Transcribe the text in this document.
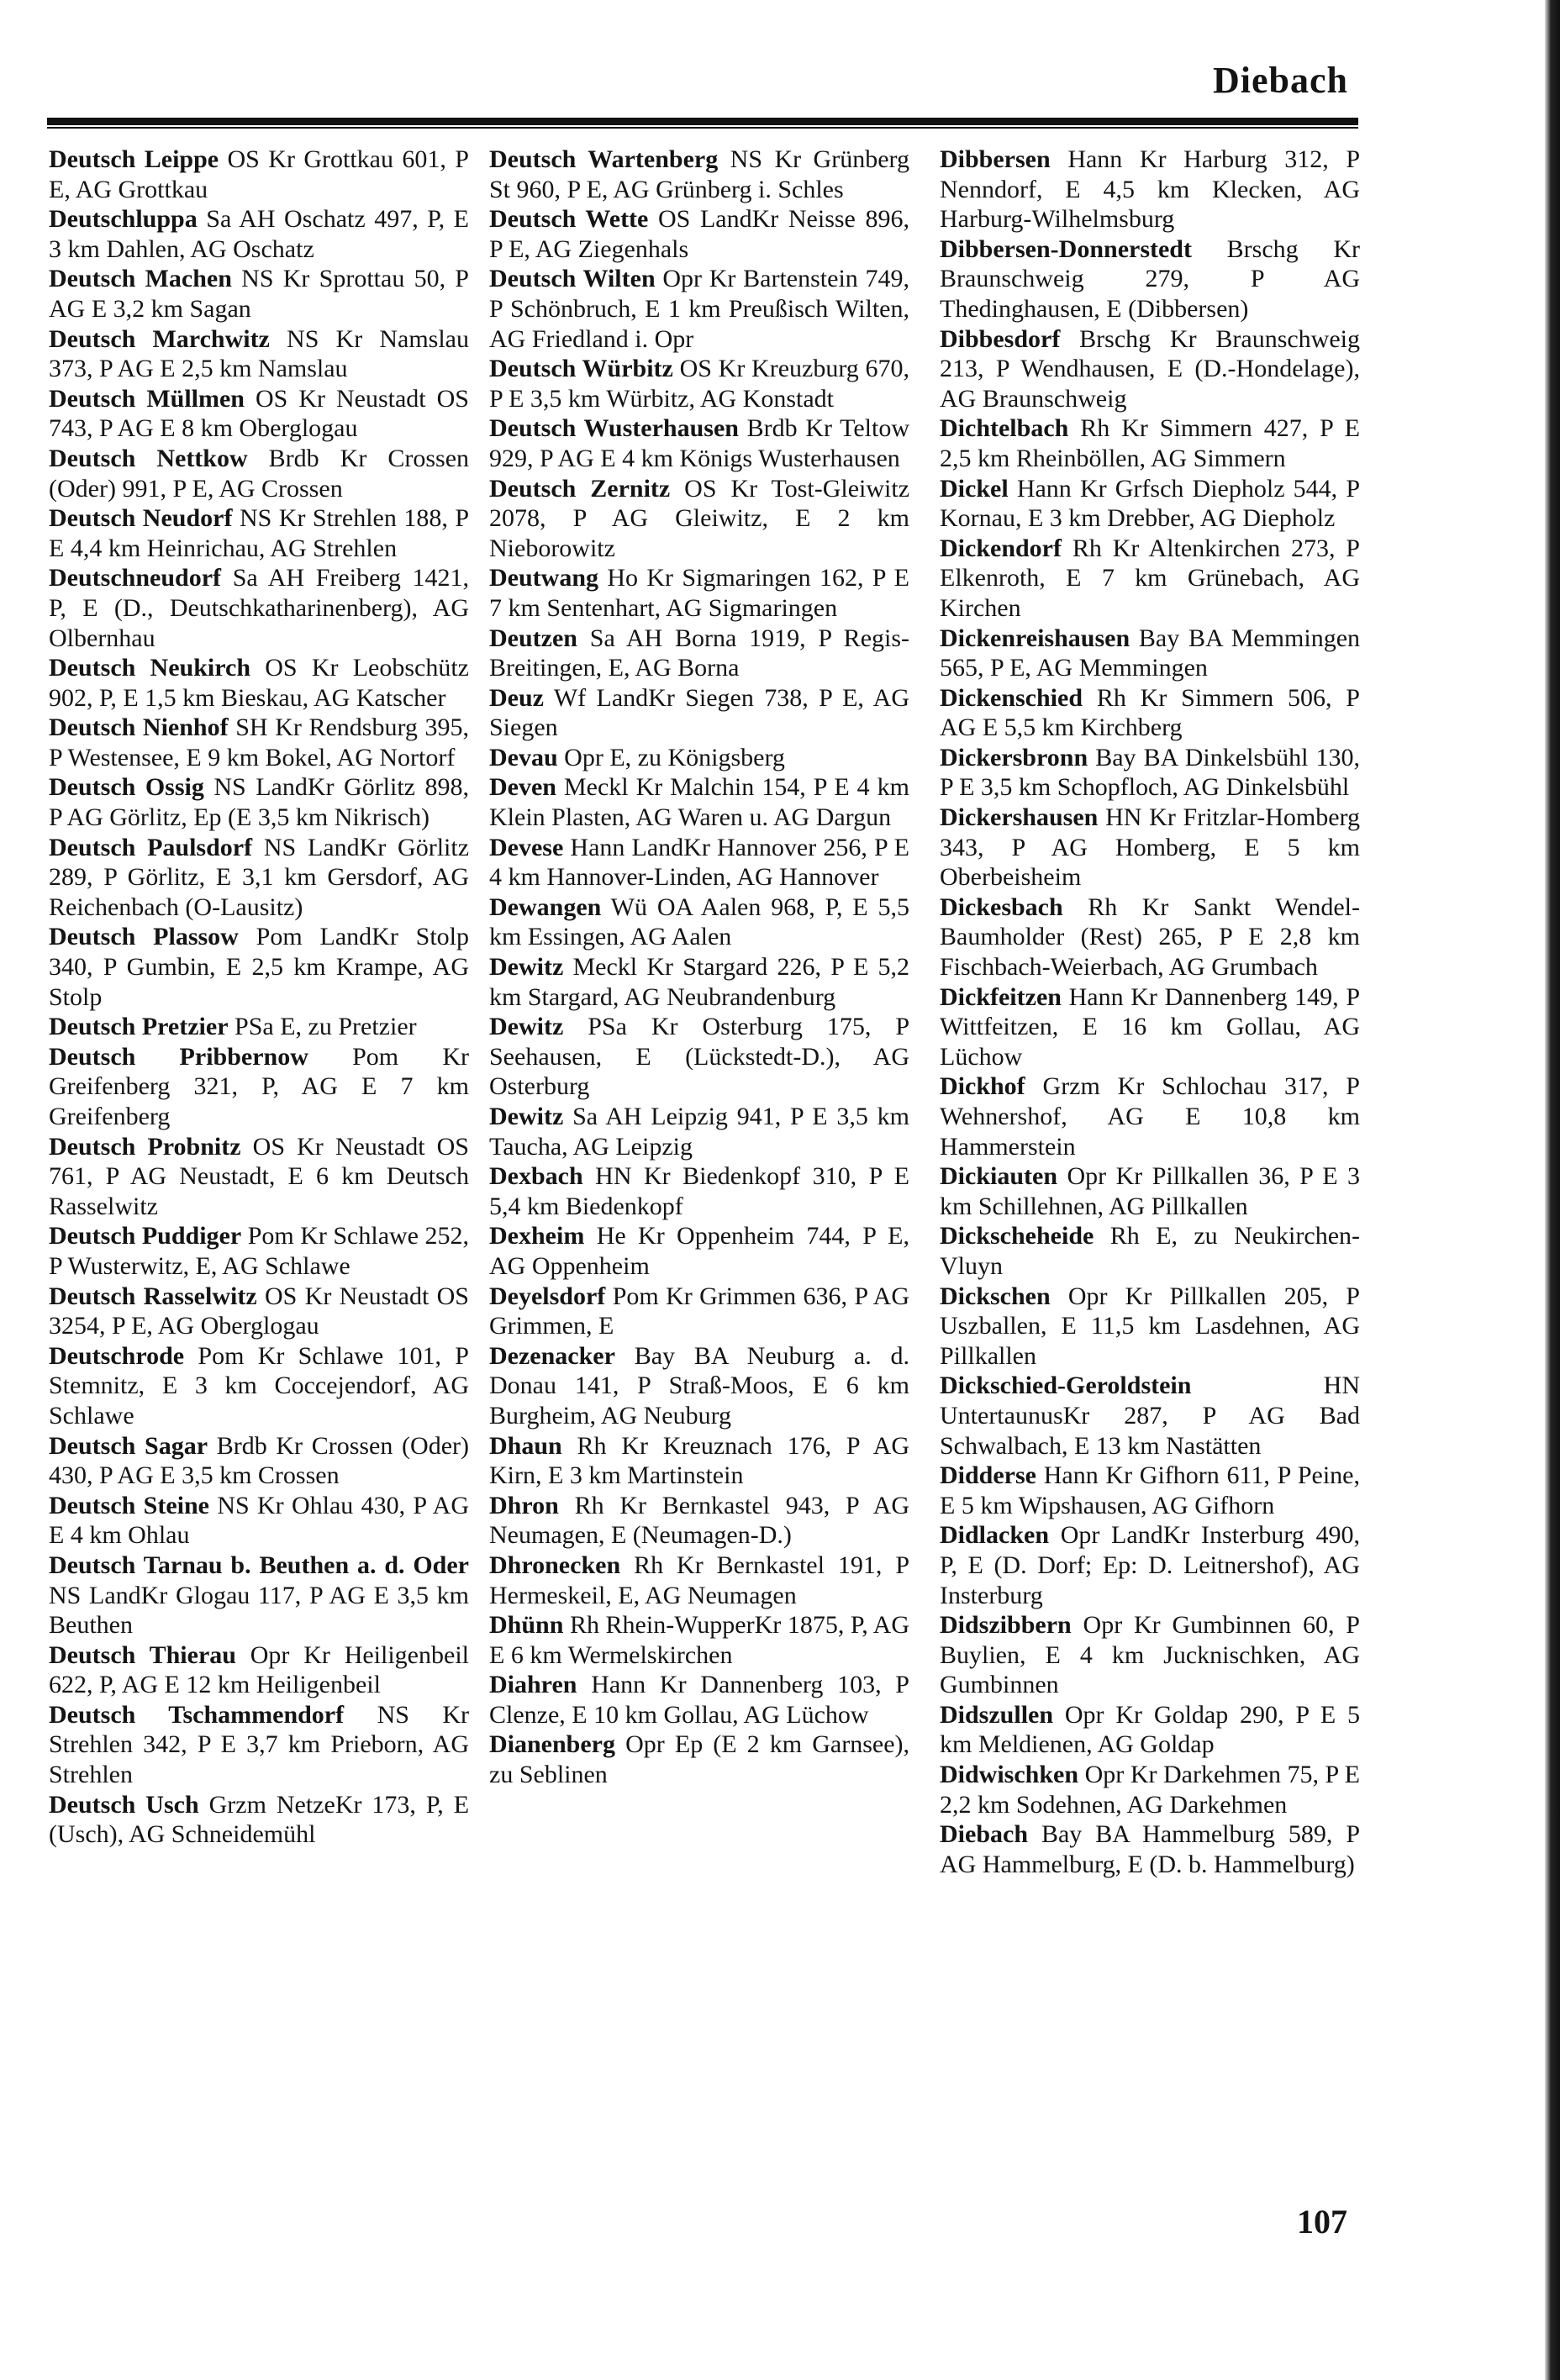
Diebach

Deutsch Leippe OS Kr Grottkau 601, P E, AG Grottkau

Deutschluppa Sa AH Oschatz 497, P, E 3 km Dahlen, AG Oschatz

Deutsch Machen NS Kr Sprottau 50, P AG E 3,2 km Sagan

Deutsch Marchwitz NS Kr Namslau 373, P AG E 2,5 km Namslau

Deutsch Müllmen OS Kr Neustadt OS 743, P AG E 8 km Oberglogau

Deutsch Nettkow Brdb Kr Crossen (Oder) 991, P E, AG Crossen

Deutsch Neudorf NS Kr Strehlen 188, P E 4,4 km Heinrichau, AG Strehlen

Deutschneudorf Sa AH Freiberg 1421, P, E (D., Deutschkatharinenberg), AG Olbernhau

Deutsch Neukirch OS Kr Leobschütz 902, P, E 1,5 km Bieskau, AG Katscher

Deutsch Nienhof SH Kr Rendsburg 395, P Westensee, E 9 km Bokel, AG Nortorf

Deutsch Ossig NS LandKr Görlitz 898, P AG Görlitz, Ep (E 3,5 km Nikrisch)

Deutsch Paulsdorf NS LandKr Görlitz 289, P Görlitz, E 3,1 km Gersdorf, AG Reichenbach (O-Lausitz)

Deutsch Plassow Pom LandKr Stolp 340, P Gumbin, E 2,5 km Krampe, AG Stolp

Deutsch Pretzier PSa E, zu Pretzier

Deutsch Pribbernow Pom Kr Greifenberg 321, P, AG E 7 km Greifenberg

Deutsch Probnitz OS Kr Neustadt OS 761, P AG Neustadt, E 6 km Deutsch Rasselwitz

Deutsch Puddiger Pom Kr Schlawe 252, P Wusterwitz, E, AG Schlawe

Deutsch Rasselwitz OS Kr Neustadt OS 3254, P E, AG Oberglogau

Deutschrode Pom Kr Schlawe 101, P Stemnitz, E 3 km Coccejendorf, AG Schlawe

Deutsch Sagar Brdb Kr Crossen (Oder) 430, P AG E 3,5 km Crossen

Deutsch Steine NS Kr Ohlau 430, P AG E 4 km Ohlau

Deutsch Tarnau b. Beuthen a. d. Oder NS LandKr Glogau 117, P AG E 3,5 km Beuthen

Deutsch Thierau Opr Kr Heiligenbeil 622, P, AG E 12 km Heiligenbeil

Deutsch Tschammendorf NS Kr Strehlen 342, P E 3,7 km Prieborn, AG Strehlen

Deutsch Usch Grzm NetzeKr 173, P, E (Usch), AG Schneidemühl

Deutsch Wartenberg NS Kr Grünberg St 960, P E, AG Grünberg i. Schles

Deutsch Wette OS LandKr Neisse 896, P E, AG Ziegenhals

Deutsch Wilten Opr Kr Bartenstein 749, P Schönbruch, E 1 km Preußisch Wilten, AG Friedland i. Opr

Deutsch Würbitz OS Kr Kreuzburg 670, P E 3,5 km Würbitz, AG Konstadt

Deutsch Wusterhausen Brdb Kr Teltow 929, P AG E 4 km Königs Wusterhausen

Deutsch Zernitz OS Kr Tost-Gleiwitz 2078, P AG Gleiwitz, E 2 km Nieborowitz

Deutwang Ho Kr Sigmaringen 162, P E 7 km Sentenhart, AG Sigmaringen

Deutzen Sa AH Borna 1919, P Regis-Breitingen, E, AG Borna

Deuz Wf LandKr Siegen 738, P E, AG Siegen

Devau Opr E, zu Königsberg

Deven Meckl Kr Malchin 154, P E 4 km Klein Plasten, AG Waren u. AG Dargun

Devese Hann LandKr Hannover 256, P E 4 km Hannover-Linden, AG Hannover

Dewangen Wü OA Aalen 968, P, E 5,5 km Essingen, AG Aalen

Dewitz Meckl Kr Stargard 226, P E 5,2 km Stargard, AG Neubrandenburg

Dewitz PSa Kr Osterburg 175, P Seehausen, E (Lückstedt-D.), AG Osterburg

Dewitz Sa AH Leipzig 941, P E 3,5 km Taucha, AG Leipzig

Dexbach HN Kr Biedenkopf 310, P E 5,4 km Biedenkopf

Dexheim He Kr Oppenheim 744, P E, AG Oppenheim

Deyelsdorf Pom Kr Grimmen 636, P AG Grimmen, E

Dezenacker Bay BA Neuburg a. d. Donau 141, P Straß-Moos, E 6 km Burgheim, AG Neuburg

Dhaun Rh Kr Kreuznach 176, P AG Kirn, E 3 km Martinstein

Dhron Rh Kr Bernkastel 943, P AG Neumagen, E (Neumagen-D.)

Dhronecken Rh Kr Bernkastel 191, P Hermeskeil, E, AG Neumagen

Dhünn Rh Rhein-WupperKr 1875, P, AG E 6 km Wermelskirchen

Diahren Hann Kr Dannenberg 103, P Clenze, E 10 km Gollau, AG Lüchow

Dianenberg Opr Ep (E 2 km Garnsee), zu Seblinen

Dibbersen Hann Kr Harburg 312, P Nenndorf, E 4,5 km Klecken, AG Harburg-Wilhelmsburg

Dibbersen-Donnerstedt Brschg Kr Braunschweig 279, P AG Thedinghausen, E (Dibbersen)

Dibbesdorf Brschg Kr Braunschweig 213, P Wendhausen, E (D.-Hondelage), AG Braunschweig

Dichtelbach Rh Kr Simmern 427, P E 2,5 km Rheinböllen, AG Simmern

Dickel Hann Kr Grfsch Diepholz 544, P Kornau, E 3 km Drebber, AG Diepholz

Dickendorf Rh Kr Altenkirchen 273, P Elkenroth, E 7 km Grünebach, AG Kirchen

Dickenreishausen Bay BA Memmingen 565, P E, AG Memmingen

Dickenschied Rh Kr Simmern 506, P AG E 5,5 km Kirchberg

Dickersbronn Bay BA Dinkelsbühl 130, P E 3,5 km Schopfloch, AG Dinkelsbühl

Dickershausen HN Kr Fritzlar-Homberg 343, P AG Homberg, E 5 km Oberbeisheim

Dickesbach Rh Kr Sankt Wendel-Baumholder (Rest) 265, P E 2,8 km Fischbach-Weierbach, AG Grumbach

Dickfeitzen Hann Kr Dannenberg 149, P Wittfeitzen, E 16 km Gollau, AG Lüchow

Dickhof Grzm Kr Schlochau 317, P Wehnershof, AG E 10,8 km Hammerstein

Dickiauten Opr Kr Pillkallen 36, P E 3 km Schillehnen, AG Pillkallen

Dickscheheide Rh E, zu Neukirchen-Vluyn

Dickschen Opr Kr Pillkallen 205, P Uszballen, E 11,5 km Lasdehnen, AG Pillkallen

Dickschied-Geroldstein	HN UntertaunusKr 287, P AG Bad Schwalbach, E 13 km Nastätten

Didderse Hann Kr Gifhorn 611, P Peine, E 5 km Wipshausen, AG Gifhorn

Didlacken Opr LandKr Insterburg 490, P, E (D. Dorf; Ep: D. Leitnershof), AG Insterburg

Didszibbern Opr Kr Gumbinnen 60, P Buylien, E 4 km Jucknischken, AG Gumbinnen

Didszullen Opr Kr Goldap 290, P E 5 km Meldienen, AG Goldap

Didwischken Opr Kr Darkehmen 75, P E 2,2 km Sodehnen, AG Darkehmen

Diebach Bay BA Hammelburg 589, P AG Hammelburg, E (D. b. Hammelburg)

107
